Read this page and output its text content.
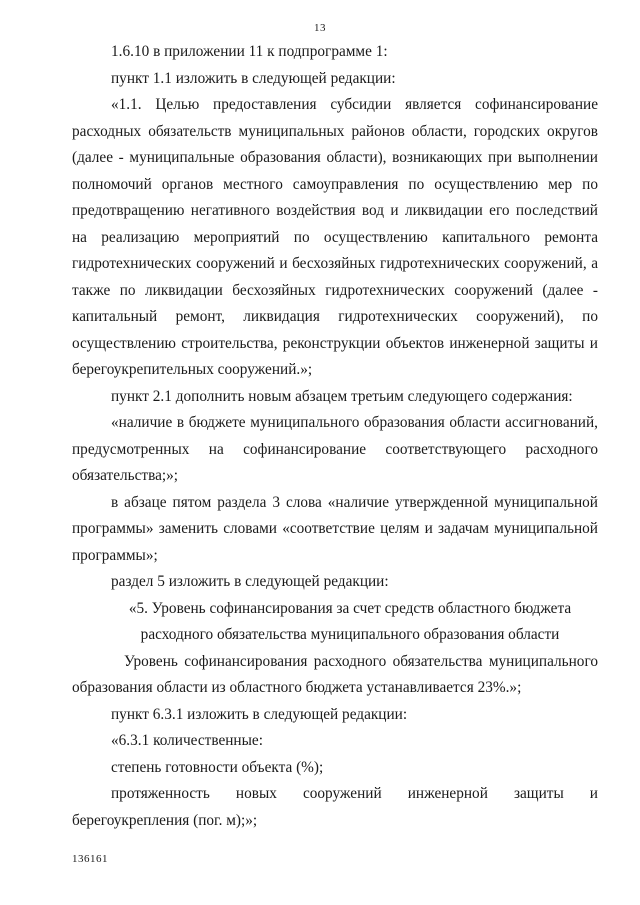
13

1.6.10 в приложении 11 к подпрограмме 1:

пункт 1.1 изложить в следующей редакции:

«1.1. Целью предоставления субсидии является софинансирование расходных обязательств муниципальных районов области, городских округов (далее - муниципальные образования области), возникающих при выполнении полномочий органов местного самоуправления по осуществлению мер по предотвращению негативного воздействия вод и ликвидации его последствий на реализацию мероприятий по осуществлению капитального ремонта гидротехнических сооружений и бесхозяйных гидротехнических сооружений, а также по ликвидации бесхозяйных гидротехнических сооружений (далее - капитальный ремонт, ликвидация гидротехнических сооружений), по осуществлению строительства, реконструкции объектов инженерной защиты и берегоукрепительных сооружений.»;

пункт 2.1 дополнить новым абзацем третьим следующего содержания:

«наличие в бюджете муниципального образования области ассигнований, предусмотренных на софинансирование соответствующего расходного обязательства;»;

в абзаце пятом раздела 3 слова «наличие утвержденной муниципальной программы» заменить словами «соответствие целям и задачам муниципальной программы»;

раздел 5 изложить в следующей редакции:

«5. Уровень софинансирования за счет средств областного бюджета

расходного обязательства муниципального образования области

Уровень софинансирования расходного обязательства муниципального образования области из областного бюджета устанавливается 23%.»;

пункт 6.3.1 изложить в следующей редакции:

«6.3.1 количественные:

степень готовности объекта (%);

протяженность новых сооружений инженерной защиты и берегоукрепления (пог. м);»;

136161
